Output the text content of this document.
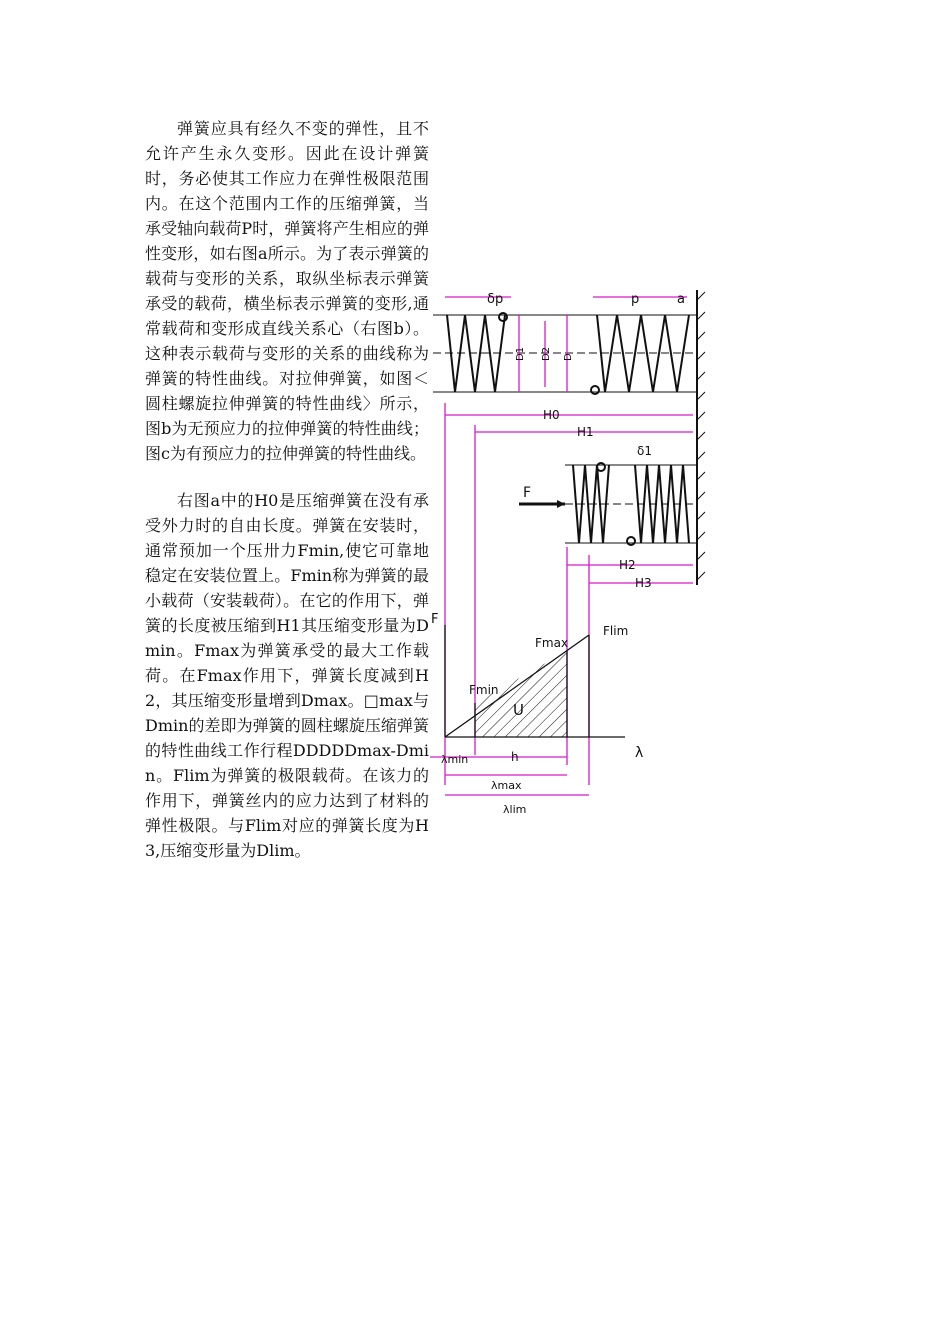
弹簧应具有经久不变的弹性，且不允许产生永久变形。因此在设计弹簧时，务必使其工作应力在弹性极限范围内。在这个范围内工作的压缩弹簧，当承受轴向载荷P时，弹簧将产生相应的弹性变形，如右图a所示。为了表示弹簧的载荷与变形的关系，取纵坐标表示弹簧承受的载荷，横坐标表示弹簧的变形,通常载荷和变形成直线关系心（右图b）。这种表示载荷与变形的关系的曲线称为弹簧的特性曲线。对拉伸弹簧，如图＜圆柱螺旋拉伸弹簧的特性曲线〉所示，图b为无预应力的拉伸弹簧的特性曲线；图c为有预应力的拉伸弹簧的特性曲线。

右图a中的H0是压缩弹簧在没有承受外力时的自由长度。弹簧在安装时，通常预加一个压卅力Fmin,使它可靠地稳定在安装位置上。Fmin称为弹簧的最小载荷（安装载荷）。在它的作用下，弹簧的长度被压缩到H1其压缩变形量为Dmin。Fmax为弹簧承受的最大工作载荷。在Fmax作用下，弹簧长度减到H2，其压缩变形量增到Dmax。□max与Dmin的差即为弹簧的圆柱螺旋压缩弹簧的特性曲线工作行程DDDDDmax-Dmin。Flim为弹簧的极限载荷。在该力的作用下，弹簧丝内的应力达到了材料的弹性极限。与Flim对应的弹簧长度为H3,压缩变形量为Dlim。

F
δp	p	a
D1 D2 D
H0
H1
δ1
H2
H3
F
λ
Flim
Fmax
Fmin
U
λmin	h
λmax
λlim
